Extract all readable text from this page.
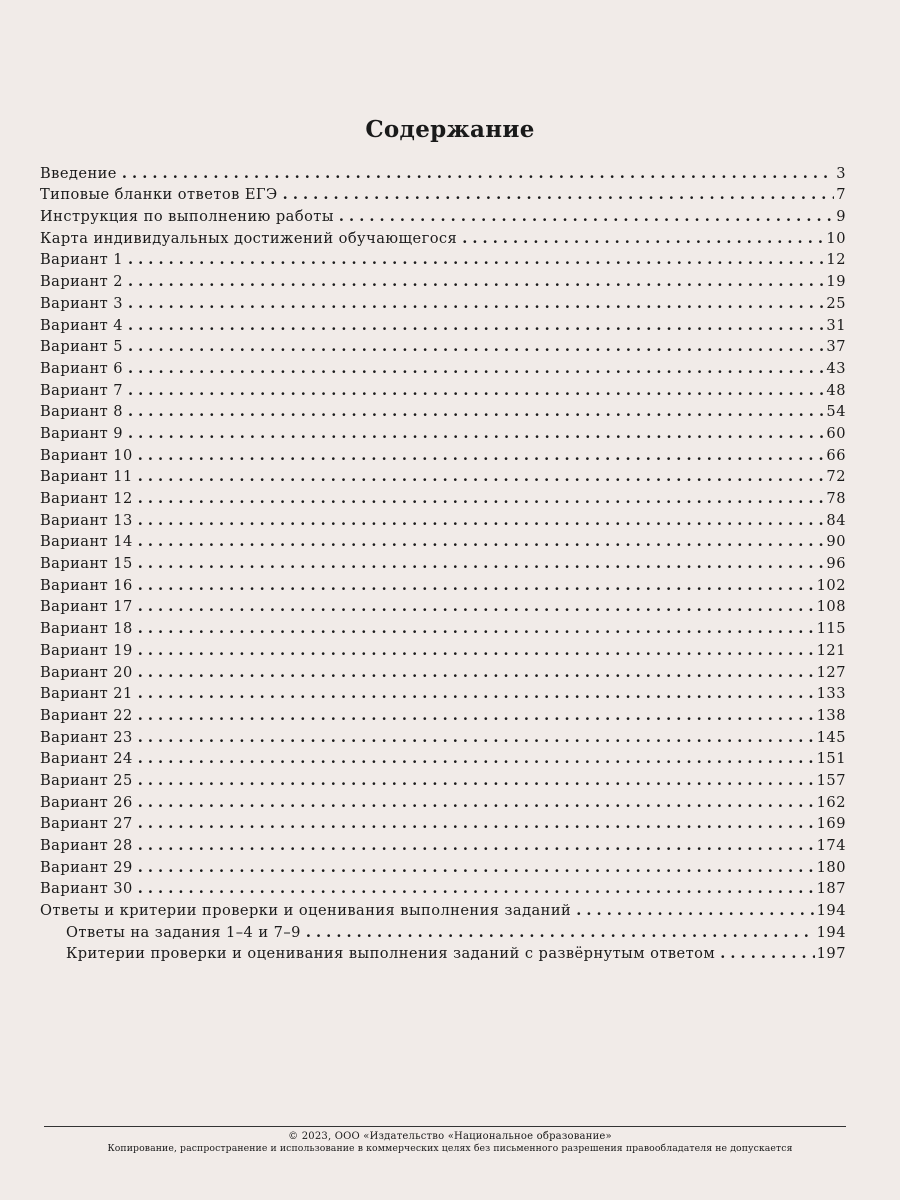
Содержание
Введение . . .	3
Типовые бланки ответов ЕГЭ . . .	7
Инструкция по выполнению работы . . .	9
Карта индивидуальных достижений обучающегося . . .	10
Вариант 1 . . .	12
Вариант 2 . . .	19
Вариант 3 . . .	25
Вариант 4 . . .	31
Вариант 5 . . .	37
Вариант 6 . . .	43
Вариант 7 . . .	48
Вариант 8 . . .	54
Вариант 9 . . .	60
Вариант 10 . . .	66
Вариант 11 . . .	72
Вариант 12 . . .	78
Вариант 13 . . .	84
Вариант 14 . . .	90
Вариант 15 . . .	96
Вариант 16 . . .	102
Вариант 17 . . .	108
Вариант 18 . . .	115
Вариант 19 . . .	121
Вариант 20 . . .	127
Вариант 21 . . .	133
Вариант 22 . . .	138
Вариант 23 . . .	145
Вариант 24 . . .	151
Вариант 25 . . .	157
Вариант 26 . . .	162
Вариант 27 . . .	169
Вариант 28 . . .	174
Вариант 29 . . .	180
Вариант 30 . . .	187
Ответы и критерии проверки и оценивания выполнения заданий . . .	194
Ответы на задания 1–4 и 7–9 . . .	194
Критерии проверки и оценивания выполнения заданий с развёрнутым ответом . . .	197
© 2023, ООО «Издательство «Национальное образование»
Копирование, распространение и использование в коммерческих целях без письменного разрешения правообладателя не допускается
